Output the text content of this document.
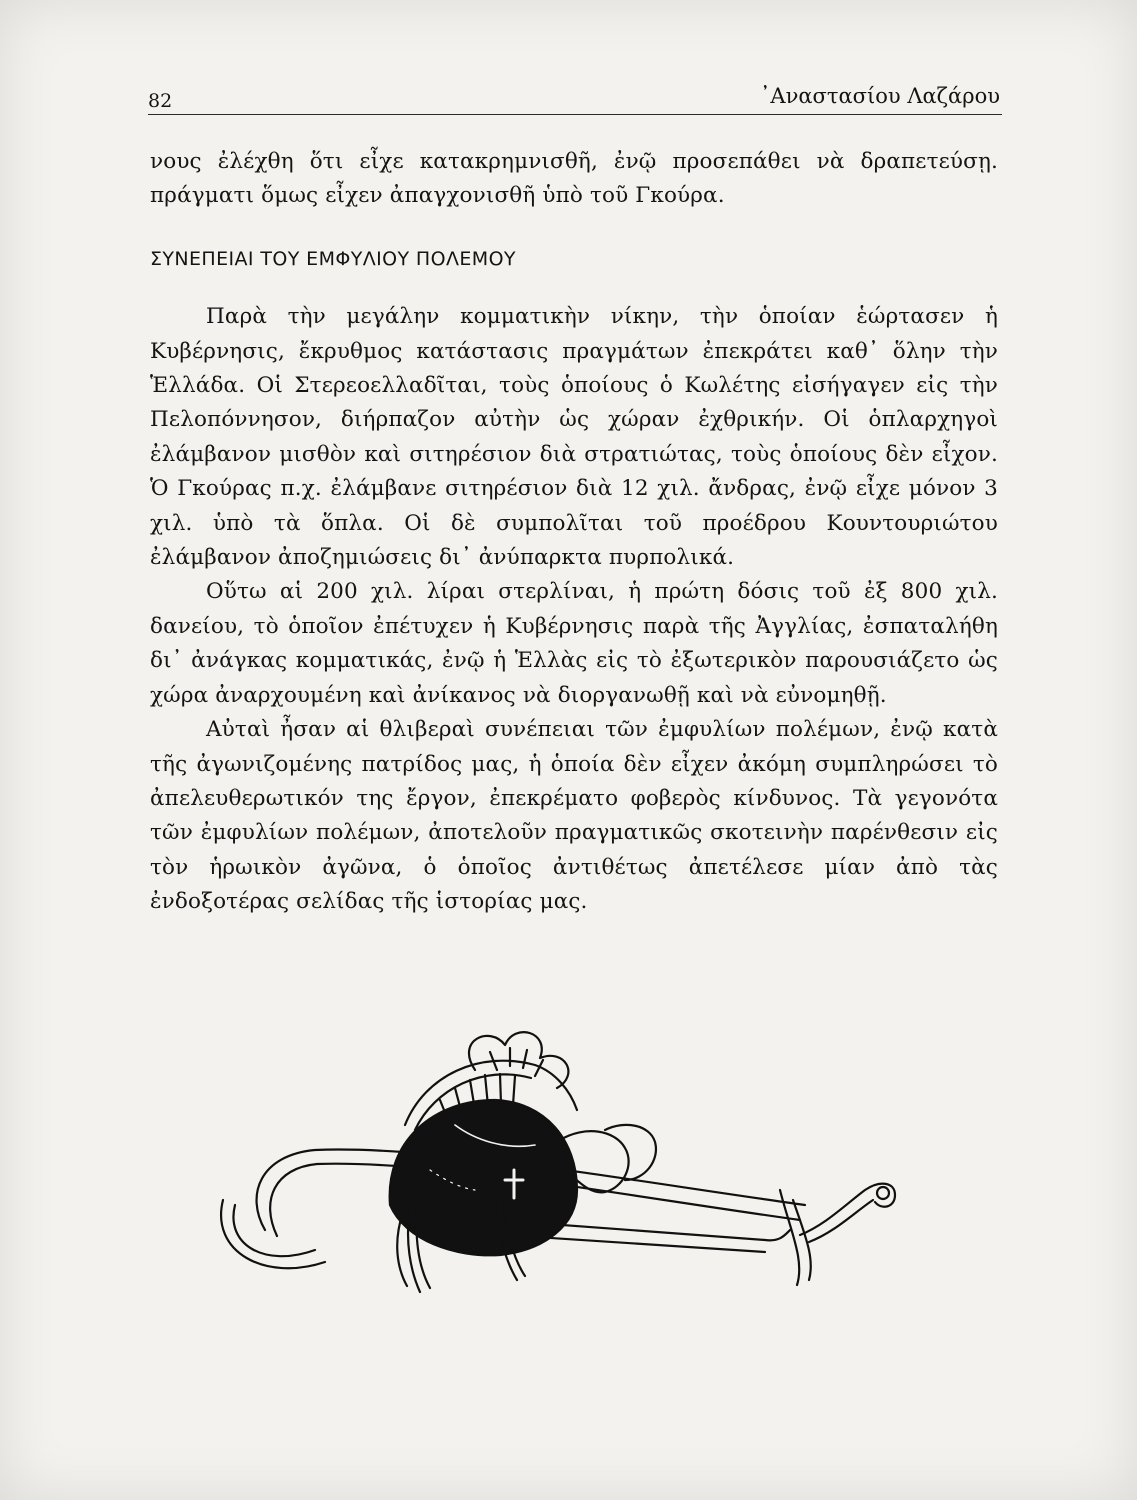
82	᾿Αναστασίου Λαζάρου

νους ἐλέχθη ὅτι εἶχε κατακρημνισθῆ, ἐνῷ προσεπάθει νὰ δραπετεύσῃ. πράγματι ὅμως εἶχεν ἀπαγχονισθῆ ὑπὸ τοῦ Γκούρα.

ΣΥΝΕΠΕΙΑΙ ΤΟΥ ΕΜΦΥΛΙΟΥ ΠΟΛΕΜΟΥ

Παρὰ τὴν μεγάλην κομματικὴν νίκην, τὴν ὁποίαν ἑώρτασεν ἡ Κυβέρνησις, ἔκρυθμος κατάστασις πραγμάτων ἐπεκράτει καθ᾽ ὅλην τὴν Ἑλλάδα. Οἱ Στερεοελλαδῖται, τοὺς ὁποίους ὁ Κωλέτης εἰσήγαγεν εἰς τὴν Πελοπόννησον, διήρπαζον αὐτὴν ὡς χώραν ἐχθρικήν. Οἱ ὁπλαρχηγοὶ ἐλάμβανον μισθὸν καὶ σιτηρέσιον διὰ στρατιώτας, τοὺς ὁποίους δὲν εἶχον. Ὁ Γκούρας π.χ. ἐλάμβανε σιτηρέσιον διὰ 12 χιλ. ἄνδρας, ἐνῷ εἶχε μόνον 3 χιλ. ὑπὸ τὰ ὅπλα. Οἱ δὲ συμπολῖται τοῦ προέδρου Κουντουριώτου ἐλάμβανον ἀποζημιώσεις δι᾽ ἀνύπαρκτα πυρπολικά.

Οὕτω αἱ 200 χιλ. λίραι στερλίναι, ἡ πρώτη δόσις τοῦ ἐξ 800 χιλ. δανείου, τὸ ὁποῖον ἐπέτυχεν ἡ Κυβέρνησις παρὰ τῆς Ἀγγλίας, ἐσπαταλήθη δι᾽ ἀνάγκας κομματικάς, ἐνῷ ἡ Ἑλλὰς εἰς τὸ ἐξωτερικὸν παρουσιάζετο ὡς χώρα ἀναρχουμένη καὶ ἀνίκανος νὰ διοργανωθῇ καὶ νὰ εὐνομηθῇ.

Αὐταὶ ἦσαν αἱ θλιβεραὶ συνέπειαι τῶν ἐμφυλίων πολέμων, ἐνῷ κατὰ τῆς ἀγωνιζομένης πατρίδος μας, ἡ ὁποία δὲν εἶχεν ἀκόμη συμπληρώσει τὸ ἀπελευθερωτικόν της ἔργον, ἐπεκρέματο φοβερὸς κίνδυνος. Τὰ γεγονότα τῶν ἐμφυλίων πολέμων, ἀποτελοῦν πραγματικῶς σκοτεινὴν παρένθεσιν εἰς τὸν ἡρωικὸν ἀγῶνα, ὁ ὁποῖος ἀντιθέτως ἀπετέλεσε μίαν ἀπὸ τὰς ἐνδοξοτέρας σελίδας τῆς ἱστορίας μας.
